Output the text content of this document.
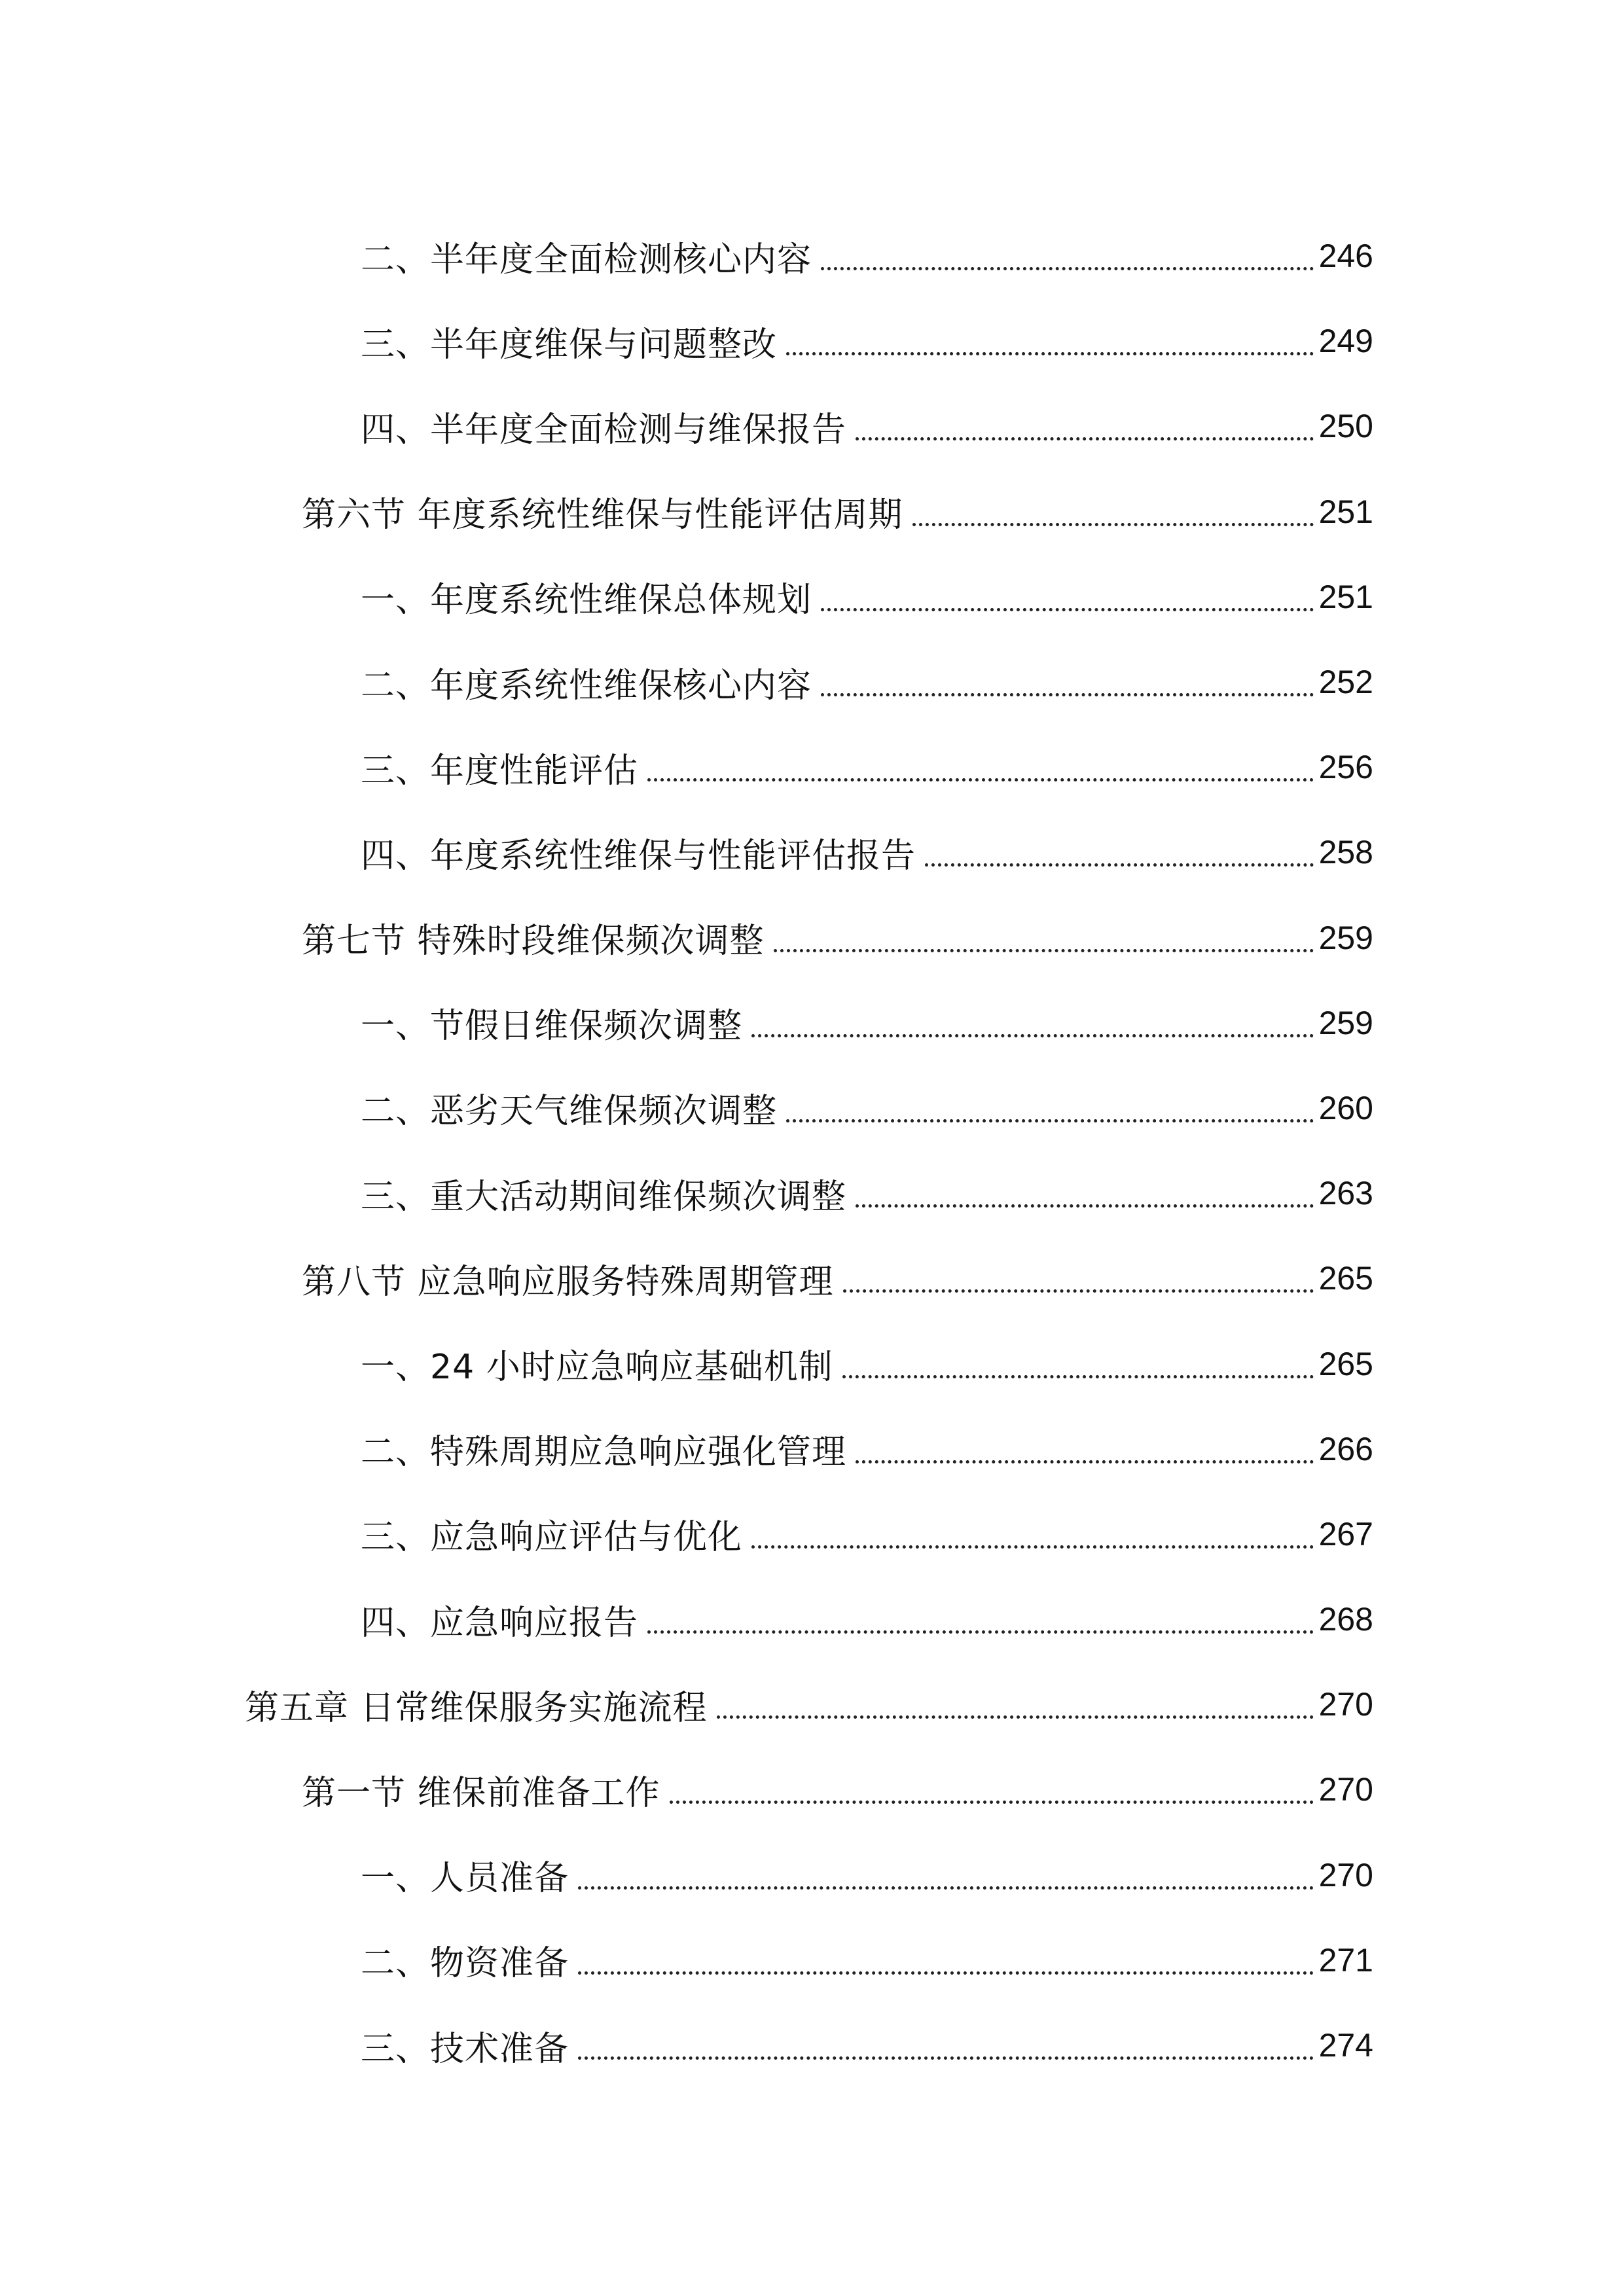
二、半年度全面检测核心内容	246
三、半年度维保与问题整改	249
四、半年度全面检测与维保报告	250
第六节 年度系统性维保与性能评估周期	251
一、年度系统性维保总体规划	251
二、年度系统性维保核心内容	252
三、年度性能评估	256
四、年度系统性维保与性能评估报告	258
第七节 特殊时段维保频次调整	259
一、节假日维保频次调整	259
二、恶劣天气维保频次调整	260
三、重大活动期间维保频次调整	263
第八节 应急响应服务特殊周期管理	265
一、24 小时应急响应基础机制	265
二、特殊周期应急响应强化管理	266
三、应急响应评估与优化	267
四、应急响应报告	268
第五章 日常维保服务实施流程	270
第一节 维保前准备工作	270
一、人员准备	270
二、物资准备	271
三、技术准备	274
